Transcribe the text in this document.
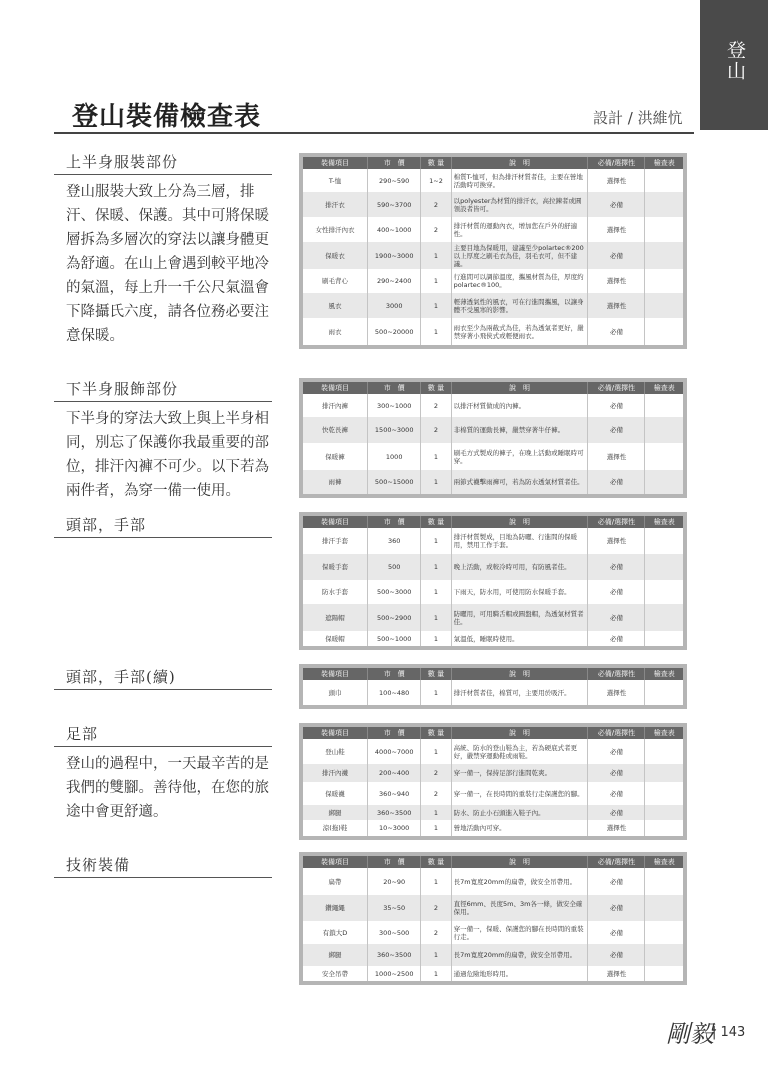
登山
登山裝備檢查表	設計 / 洪維忼
上半身服裝部份
登山服裝大致上分為三層，排汗、保暖、保護。其中可將保暖層拆為多層次的穿法以讓身體更為舒適。在山上會遇到較平地冷的氣溫，每上升一千公尺氣溫會下降攝氏六度，請各位務必要注意保暖。
裝備項目	市　價	數 量	說　明	必備/選擇性	檢查表
T-恤	290~590	1~2	棉質T-恤可，但為排汗材質者佳，主要在營地活動時可換穿。	選擇性	
排汗衣	590~3700	2	以polyester為材質的排汗衣，高拉鍊者或圓領設者皆可。	必備	
女性排汗內衣	400~1000	2	排汗材質的運動內衣，增加您在戶外的舒適性。	選擇性	
保暖衣	1900~3000	1	主要目地為保暖用，建議至少polartec®200以上厚度之刷毛衣為佳，羽毛衣可，但不建議。	必備	
刷毛背心	290~2400	1	行進間可以調節溫度，攜風材質為佳，厚度約polartec®100。	選擇性	
風衣	3000	1	輕薄透氣性的風衣，可在行進間攜風，以讓身體不受風寒的影響。	選擇性	
雨衣	500~20000	1	雨衣至少為兩截式為佳，若為透氣者更好，嚴禁穿著小飛俠式或輕便雨衣。	必備	
下半身服飾部份
下半身的穿法大致上與上半身相同，別忘了保護你我最重要的部位，排汗內褲不可少。以下若為兩件者，為穿一備一使用。
裝備項目	市　價	數 量	說　明	必備/選擇性	檢查表
排汗內褲	300~1000	2	以排汗材質做成的內褲。	必備	
快乾長褲	1500~3000	2	非棉質的運動長褲，嚴禁穿著牛仔褲。	必備	
保暖褲	1000	1	刷毛方式製成的褲子，在晚上活動或睡眠時可穿。	選擇性	
雨褲	500~15000	1	兩節式襪擊雨褲可，若為防水透氣材質者佳。	必備	
頭部，手部	裝備項目	市　價	數 量	說　明	必備/選擇性	檢查表
排汗手套	360	1	排汗材質製成，目地為防曬、行進間的保暖用，禁用工作手套。	選擇性	
保暖手套	500	1	晚上活動，或較冷時可用，有防風者佳。	必備	
防水手套	500~3000	1	下雨天，防水用，可使用防水保暖手套。	必備	
遮陽帽	500~2900	1	防曬用，可用騎舌帽或圓盤帽，為透氣材質者佳。	必備	
保暖帽	500~1000	1	氣溫低，睡眠時使用。	必備	
頭部，手部(續)	裝備項目	市　價	數 量	說　明	必備/選擇性	檢查表
頭巾	100~480	1	排汗材質者佳，棉質可，主要用於吸汗。	選擇性	
足部
登山的過程中，一天最辛苦的是我們的雙腳。善待他，在您的旅途中會更舒適。
裝備項目	市　價	數 量	說　明	必備/選擇性	檢查表
登山鞋	4000~7000	1	高統、防水的登山鞋為主，若為硬底式者更好，嚴禁穿運動鞋或雨鞋。	必備	
排汗內襪	200~400	2	穿一備一，保持足部行進間乾爽。	必備	
保暖襪	360~940	2	穿一備一，在長時間的重裝行走保護您的腳。	必備	
綁腿	360~3500	1	防水、防止小石頭進入鞋子內。	必備	
涼(拖)鞋	10~3000	1	營地活動內可穿。	選擇性	
技術裝備	裝備項目	市　價	數 量	說　明	必備/選擇性	檢查表
扁帶	20~90	1	長7m寬度20mm的扁帶，做安全吊帶用。	必備	
鑽繩繩	35~50	2	直徑6mm、長度5m、3m各一條，做安全確保用。	必備	
有鎖大D	300~500	2	穿一備一，保暖、保護您的腳在長時間的重裝行走。	必備	
綁腿	360~3500	1	長7m寬度20mm的扁帶，做安全吊帶用。	必備	
安全吊帶	1000~2500	1	通過危險地形時用。	選擇性	
剛毅
| 143
